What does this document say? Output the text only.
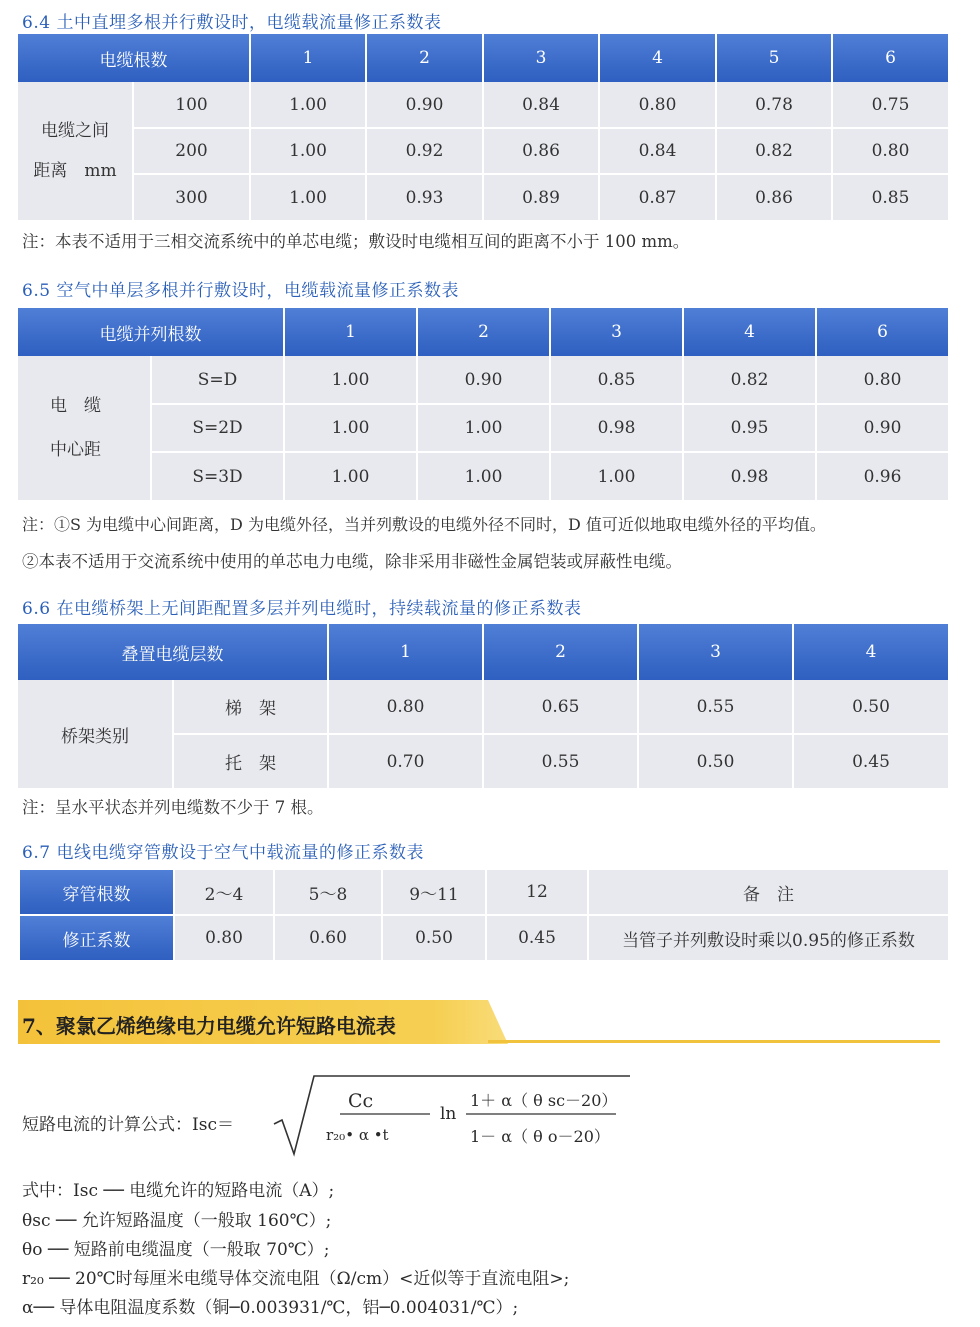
6.4 土中直埋多根并行敷设时，电缆载流量修正系数表
电缆根数		1	2	3	4	5	6

电缆之间
距离　mm	100	1.00	0.90	0.84	0.80	0.78	0.75
	200	1.00	0.92	0.86	0.84	0.82	0.80
	300	1.00	0.93	0.89	0.87	0.86	0.85
注：本表不适用于三相交流系统中的单芯电缆；敷设时电缆相互间的距离不小于 100 mm。
6.5 空气中单层多根并行敷设时，电缆载流量修正系数表
电缆并列根数		1	2	3	4	6

电　缆
中心距	S=D	1.00	0.90	0.85	0.82	0.80
	S=2D	1.00	1.00	0.98	0.95	0.90
	S=3D	1.00	1.00	1.00	0.98	0.96
注：①S 为电缆中心间距离，D 为电缆外径，当并列敷设的电缆外径不同时，D 值可近似地取电缆外径的平均值。
②本表不适用于交流系统中使用的单芯电力电缆，除非采用非磁性金属铠装或屏蔽性电缆。
6.6 在电缆桥架上无间距配置多层并列电缆时，持续载流量的修正系数表
叠置电缆层数		1	2	3	4
桥架类别	梯　架	0.80	0.65	0.55	0.50
	托　架	0.70	0.55	0.50	0.45
注：呈水平状态并列电缆数不少于 7 根。
6.7 电线电缆穿管敷设于空气中载流量的修正系数表
穿管根数	2～4	5～8	9～11	12	备　注
修正系数	0.80	0.60	0.50	0.45	当管子并列敷设时乘以0.95的修正系数
7、聚氯乙烯绝缘电力电缆允许短路电流表
短路电流的计算公式：Isc＝
Cc
r₂₀• α •t
ln
1＋ α（ θ sc－20）
1－ α（ θ o－20）
式中：Isc ── 电缆允许的短路电流（A）;
θsc ── 允许短路温度（一般取 160℃）;
θo ── 短路前电缆温度（一般取 70℃）;
r₂₀ ── 20℃时每厘米电缆导体交流电阻（Ω/cm）<近似等于直流电阻>;
α── 导体电阻温度系数（铜─0.003931/℃，铝─0.004031/℃）;
